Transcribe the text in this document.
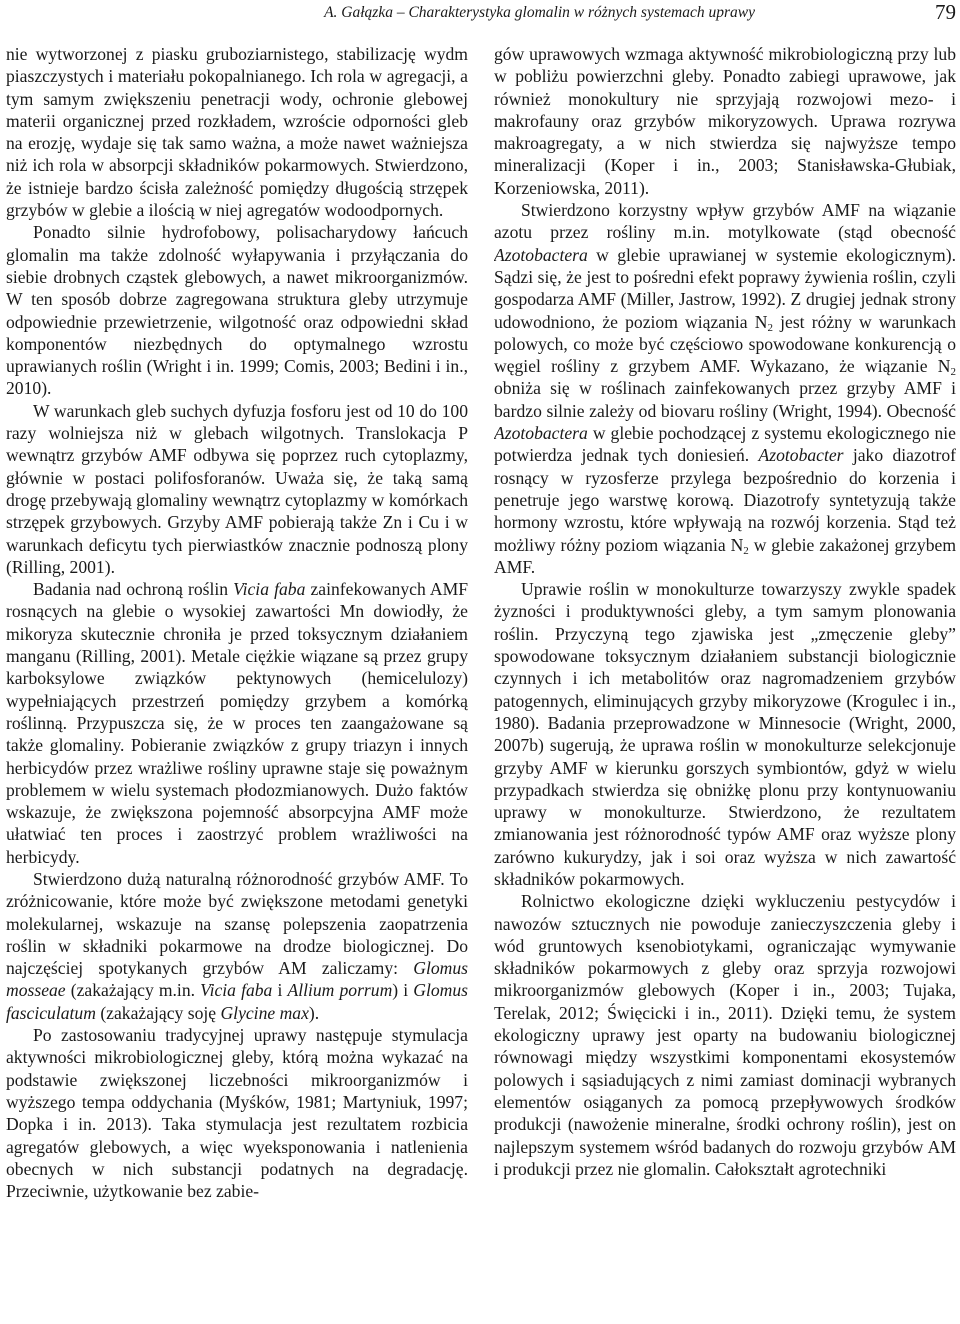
A. Gałązka – Charakterystyka glomalin w różnych systemach uprawy	79

nie wytworzonej z piasku gruboziarnistego, stabilizację wydm piaszczystych i materiału pokopalnianego. Ich rola w agregacji, a tym samym zwiększeniu penetracji wody, ochronie glebowej materii organicznej przed rozkładem, wzroście odporności gleb na erozję, wydaje się tak samo ważna, a może nawet ważniejsza niż ich rola w absorpcji składników pokarmowych. Stwierdzono, że istnieje bardzo ścisła zależność pomiędzy długością strzępek grzybów w glebie a ilością w niej agregatów wodoodpornych.

Ponadto silnie hydrofobowy, polisacharydowy łańcuch glomalin ma także zdolność wyłapywania i przyłączania do siebie drobnych cząstek glebowych, a nawet mikroorganizmów. W ten sposób dobrze zagregowana struktura gleby utrzymuje odpowiednie przewietrzenie, wilgotność oraz odpowiedni skład komponentów niezbędnych do optymalnego wzrostu uprawianych roślin (Wright i in. 1999; Comis, 2003; Bedini i in., 2010).

W warunkach gleb suchych dyfuzja fosforu jest od 10 do 100 razy wolniejsza niż w glebach wilgotnych. Translokacja P wewnątrz grzybów AMF odbywa się poprzez ruch cytoplazmy, głównie w postaci polifosforanów. Uważa się, że taką samą drogę przebywają glomaliny wewnątrz cytoplazmy w komórkach strzępek grzybowych. Grzyby AMF pobierają także Zn i Cu i w warunkach deficytu tych pierwiastków znacznie podnoszą plony (Rilling, 2001).

Badania nad ochroną roślin Vicia faba zainfekowanych AMF rosnących na glebie o wysokiej zawartości Mn dowiodły, że mikoryza skutecznie chroniła je przed toksycznym działaniem manganu (Rilling, 2001). Metale ciężkie wiązane są przez grupy karboksylowe związków pektynowych (hemicelulozy) wypełniających przestrzeń pomiędzy grzybem a komórką roślinną. Przypuszcza się, że w proces ten zaangażowane są także glomaliny. Pobieranie związków z grupy triazyn i innych herbicydów przez wrażliwe rośliny uprawne staje się poważnym problemem w wielu systemach płodozmianowych. Dużo faktów wskazuje, że zwiększona pojemność absorpcyjna AMF może ułatwiać ten proces i zaostrzyć problem wrażliwości na herbicydy.

Stwierdzono dużą naturalną różnorodność grzybów AMF. To zróżnicowanie, które może być zwiększone metodami genetyki molekularnej, wskazuje na szansę polepszenia zaopatrzenia roślin w składniki pokarmowe na drodze biologicznej. Do najczęściej spotykanych grzybów AM zaliczamy: Glomus mosseae (zakażający m.in. Vicia faba i Allium porrum) i Glomus fasciculatum (zakażający soję Glycine max).

Po zastosowaniu tradycyjnej uprawy następuje stymulacja aktywności mikrobiologicznej gleby, którą można wykazać na podstawie zwiększonej liczebności mikroorganizmów i wyższego tempa oddychania (Myśków, 1981; Martyniuk, 1997; Dopka i in. 2013). Taka stymulacja jest rezultatem rozbicia agregatów glebowych, a więc wyeksponowania i natlenienia obecnych w nich substancji podatnych na degradację. Przeciwnie, użytkowanie bez zabie-

gów uprawowych wzmaga aktywność mikrobiologiczną przy lub w pobliżu powierzchni gleby. Ponadto zabiegi uprawowe, jak również monokultury nie sprzyjają rozwojowi mezo- i makrofauny oraz grzybów mikoryzowych. Uprawa rozrywa makroagregaty, a w nich stwierdza się najwyższe tempo mineralizacji (Koper i in., 2003; Stanisławska-Głubiak, Korzeniowska, 2011).

Stwierdzono korzystny wpływ grzybów AMF na wiązanie azotu przez rośliny m.in. motylkowate (stąd obecność Azotobactera w glebie uprawianej w systemie ekologicznym). Sądzi się, że jest to pośredni efekt poprawy żywienia roślin, czyli gospodarza AMF (Miller, Jastrow, 1992). Z drugiej jednak strony udowodniono, że poziom wiązania $N_2$ jest różny w warunkach polowych, co może być częściowo spowodowane konkurencją o węgiel rośliny z grzybem AMF. Wykazano, że wiązanie $N_2$ obniża się w roślinach zainfekowanych przez grzyby AMF i bardzo silnie zależy od biovaru rośliny (Wright, 1994). Obecność Azotobactera w glebie pochodzącej z systemu ekologicznego nie potwierdza jednak tych doniesień. Azotobacter jako diazotrof rosnący w ryzosferze przylega bezpośrednio do korzenia i penetruje jego warstwę korową. Diazotrofy syntetyzują także hormony wzrostu, które wpływają na rozwój korzenia. Stąd też możliwy różny poziom wiązania $N_2$ w glebie zakażonej grzybem AMF.

Uprawie roślin w monokulturze towarzyszy zwykle spadek żyzności i produktywności gleby, a tym samym plonowania roślin. Przyczyną tego zjawiska jest „zmęczenie gleby” spowodowane toksycznym działaniem substancji biologicznie czynnych i ich metabolitów oraz nagromadzeniem grzybów patogennych, eliminujących grzyby mikoryzowe (Krogulec i in., 1980). Badania przeprowadzone w Minnesocie (Wright, 2000, 2007b) sugerują, że uprawa roślin w monokulturze selekcjonuje grzyby AMF w kierunku gorszych symbiontów, gdyż w wielu przypadkach stwierdza się obniżkę plonu przy kontynuowaniu uprawy w monokulturze. Stwierdzono, że rezultatem zmianowania jest różnorodność typów AMF oraz wyższe plony zarówno kukurydzy, jak i soi oraz wyższa w nich zawartość składników pokarmowych.

Rolnictwo ekologiczne dzięki wykluczeniu pestycydów i nawozów sztucznych nie powoduje zanieczyszczenia gleby i wód gruntowych ksenobiotykami, ograniczając wymywanie składników pokarmowych z gleby oraz sprzyja rozwojowi mikroorganizmów glebowych (Koper i in., 2003; Tujaka, Terelak, 2012; Święcicki i in., 2011). Dzięki temu, że system ekologiczny uprawy jest oparty na budowaniu biologicznej równowagi między wszystkimi komponentami ekosystemów polowych i sąsiadujących z nimi zamiast dominacji wybranych elementów osiąganych za pomocą przepływowych środków produkcji (nawożenie mineralne, środki ochrony roślin), jest on najlepszym systemem wśród badanych do rozwoju grzybów AM i produkcji przez nie glomalin. Całokształt agrotechniki
